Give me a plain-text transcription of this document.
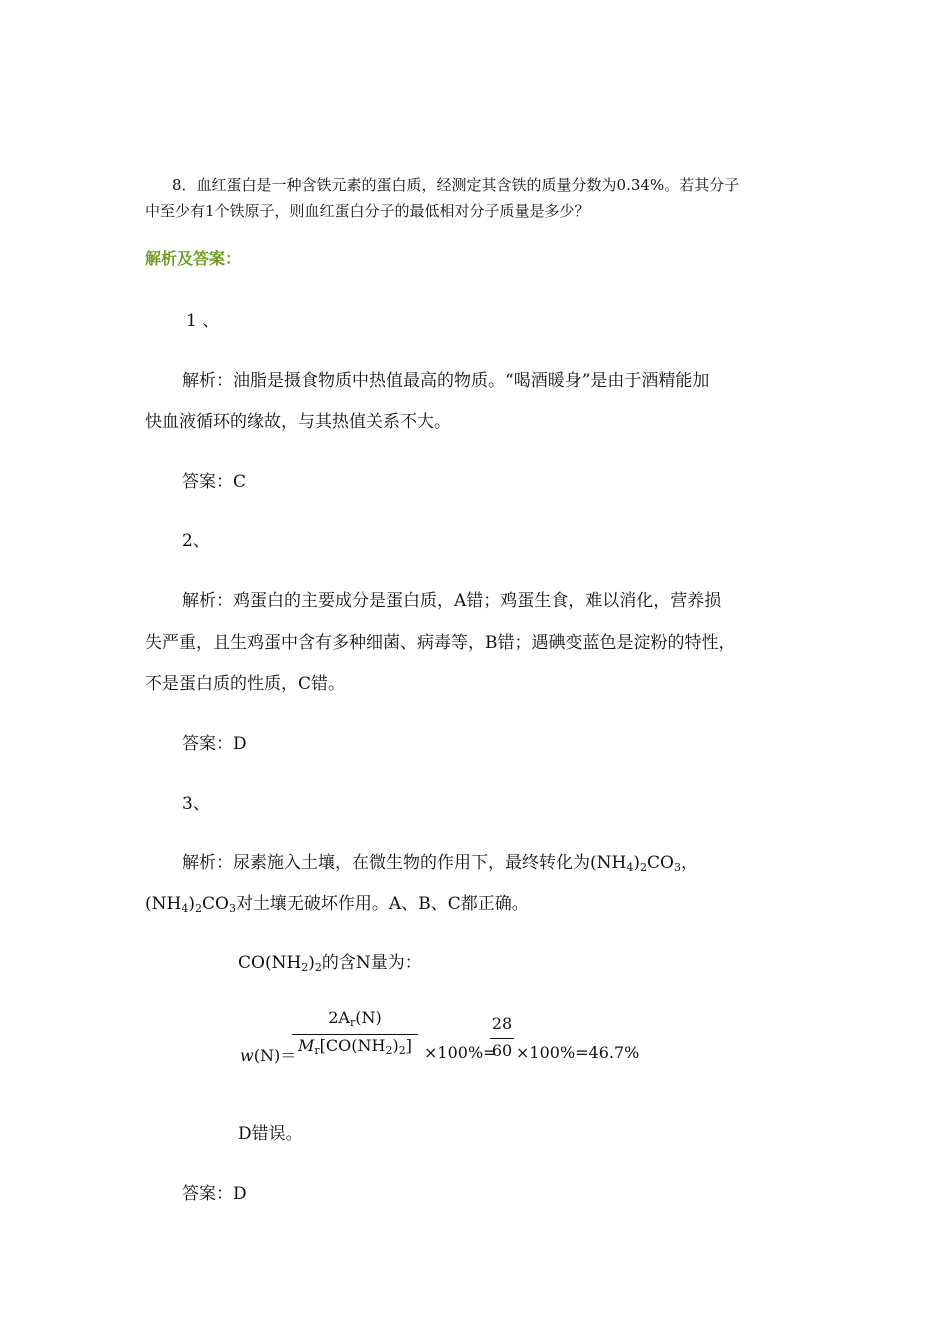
8．血红蛋白是一种含铁元素的蛋白质，经测定其含铁的质量分数为0.34%。若其分子
中至少有1个铁原子，则血红蛋白分子的最低相对分子质量是多少？
解析及答案：
1 、
解析：油脂是摄食物质中热值最高的物质。“喝酒暖身”是由于酒精能加
快血液循环的缘故，与其热值关系不大。
答案：C
2、
解析：鸡蛋白的主要成分是蛋白质，A错；鸡蛋生食，难以消化，营养损
失严重，且生鸡蛋中含有多种细菌、病毒等，B错；遇碘变蓝色是淀粉的特性，
不是蛋白质的性质，C错。
答案：D
3、
解析：尿素施入土壤，在微生物的作用下，最终转化为$(NH_4)_2CO_3$，
$(NH_4)_2CO_3$对土壤无破坏作用。A、B、C都正确。
$CO(NH_2)_2$的含N量为：
w(N)＝
$2A_r(N)$
$M_r[CO(NH_2)_2] \times 100\%=$
28
60 ×100%=46.7%
D错误。
答案：D
